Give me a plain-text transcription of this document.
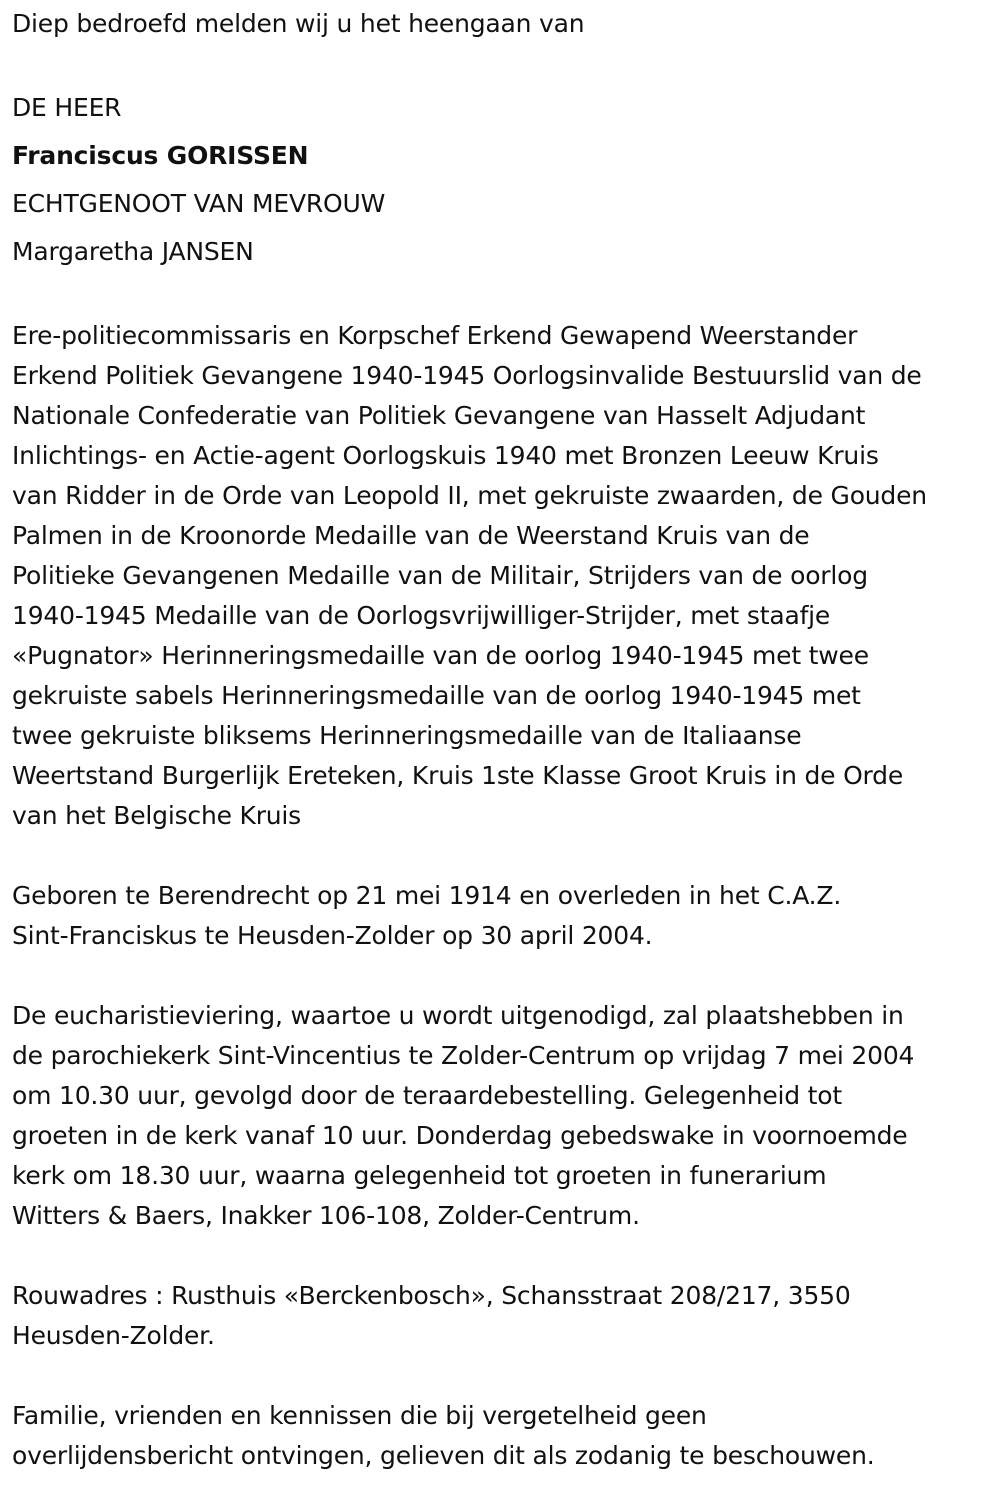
Diep bedroefd melden wij u het heengaan van

DE HEER

Franciscus GORISSEN

ECHTGENOOT VAN MEVROUW

Margaretha JANSEN

Ere-politiecommissaris en Korpschef Erkend Gewapend Weerstander

Erkend Politiek Gevangene 1940-1945 Oorlogsinvalide Bestuurslid van de

Nationale Confederatie van Politiek Gevangene van Hasselt Adjudant

Inlichtings- en Actie-agent Oorlogskuis 1940 met Bronzen Leeuw Kruis

van Ridder in de Orde van Leopold II, met gekruiste zwaarden, de Gouden

Palmen in de Kroonorde Medaille van de Weerstand Kruis van de

Politieke Gevangenen Medaille van de Militair, Strijders van de oorlog

1940-1945 Medaille van de Oorlogsvrijwilliger-Strijder, met staafje

«Pugnator» Herinneringsmedaille van de oorlog 1940-1945 met twee

gekruiste sabels Herinneringsmedaille van de oorlog 1940-1945 met

twee gekruiste bliksems Herinneringsmedaille van de Italiaanse

Weertstand Burgerlijk Ereteken, Kruis 1ste Klasse Groot Kruis in de Orde

van het Belgische Kruis

Geboren te Berendrecht op 21 mei 1914 en overleden in het C.A.Z.

Sint-Franciskus te Heusden-Zolder op 30 april 2004.

De eucharistieviering, waartoe u wordt uitgenodigd, zal plaatshebben in

de parochiekerk Sint-Vincentius te Zolder-Centrum op vrijdag 7 mei 2004

om 10.30 uur, gevolgd door de teraardebestelling. Gelegenheid tot

groeten in de kerk vanaf 10 uur. Donderdag gebedswake in voornoemde

kerk om 18.30 uur, waarna gelegenheid tot groeten in funerarium

Witters & Baers, Inakker 106-108, Zolder-Centrum.

Rouwadres : Rusthuis «Berckenbosch», Schansstraat 208/217, 3550

Heusden-Zolder.

Familie, vrienden en kennissen die bij vergetelheid geen

overlijdensbericht ontvingen, gelieven dit als zodanig te beschouwen.
